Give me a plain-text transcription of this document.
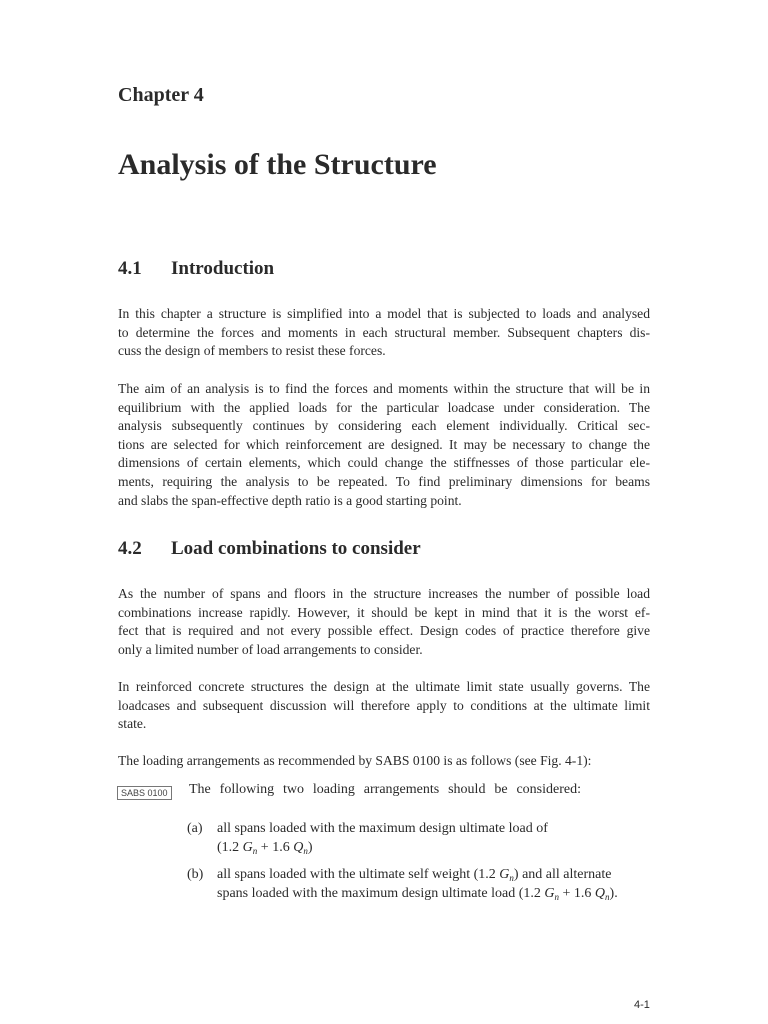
Chapter 4
Analysis of the Structure
4.1 Introduction
In this chapter a structure is simplified into a model that is subjected to loads and analysed
to determine the forces and moments in each structural member. Subsequent chapters dis-
cuss the design of members to resist these forces.
The aim of an analysis is to find the forces and moments within the structure that will be in
equilibrium with the applied loads for the particular loadcase under consideration. The
analysis subsequently continues by considering each element individually. Critical sec-
tions are selected for which reinforcement are designed. It may be necessary to change the
dimensions of certain elements, which could change the stiffnesses of those particular ele-
ments, requiring the analysis to be repeated. To find preliminary dimensions for beams
and slabs the span-effective depth ratio is a good starting point.
4.2 Load combinations to consider
As the number of spans and floors in the structure increases the number of possible load
combinations increase rapidly. However, it should be kept in mind that it is the worst ef-
fect that is required and not every possible effect. Design codes of practice therefore give
only a limited number of load arrangements to consider.
In reinforced concrete structures the design at the ultimate limit state usually governs. The
loadcases and subsequent discussion will therefore apply to conditions at the ultimate limit
state.
The loading arrangements as recommended by SABS 0100 is as follows (see Fig. 4-1):
SABS 0100 The following two loading arrangements should be considered:
(a)	all spans loaded with the maximum design ultimate load of
(1.2 $G_n + 1.6$ $Q_n$)
(b) all spans loaded with the ultimate self weight (1.2 $G_n$) and all alternate
spans loaded with the maximum design ultimate load (1.2 $G_n + 1.6$ $Q_n$).
4-1
